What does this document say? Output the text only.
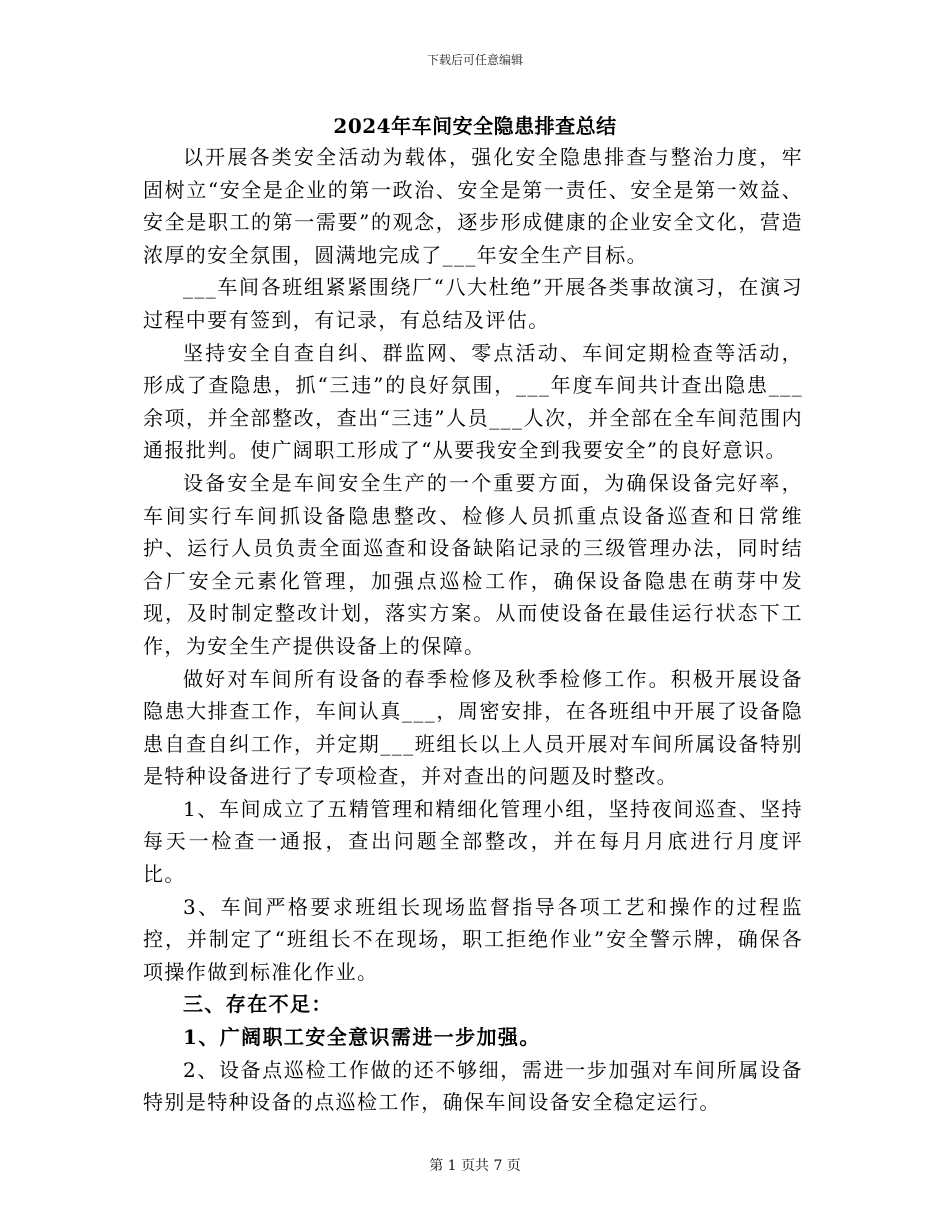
下载后可任意编辑
2024年车间安全隐患排查总结

以开展各类安全活动为载体，强化安全隐患排查与整治力度，牢固树立“安全是企业的第一政治、安全是第一责任、安全是第一效益、安全是职工的第一需要”的观念，逐步形成健康的企业安全文化，营造浓厚的安全氛围，圆满地完成了___年安全生产目标。

___车间各班组紧紧围绕厂“八大杜绝”开展各类事故演习，在演习过程中要有签到，有记录，有总结及评估。

坚持安全自查自纠、群监网、零点活动、车间定期检查等活动，形成了查隐患，抓“三违”的良好氛围，___年度车间共计查出隐患___余项，并全部整改，查出“三违”人员___人次，并全部在全车间范围内通报批判。使广阔职工形成了“从要我安全到我要安全”的良好意识。

设备安全是车间安全生产的一个重要方面，为确保设备完好率，车间实行车间抓设备隐患整改、检修人员抓重点设备巡查和日常维护、运行人员负责全面巡查和设备缺陷记录的三级管理办法，同时结合厂安全元素化管理，加强点巡检工作，确保设备隐患在萌芽中发现，及时制定整改计划，落实方案。从而使设备在最佳运行状态下工作，为安全生产提供设备上的保障。

做好对车间所有设备的春季检修及秋季检修工作。积极开展设备隐患大排查工作，车间认真___，周密安排，在各班组中开展了设备隐患自查自纠工作，并定期___班组长以上人员开展对车间所属设备特别是特种设备进行了专项检查，并对查出的问题及时整改。

1、车间成立了五精管理和精细化管理小组，坚持夜间巡查、坚持每天一检查一通报，查出问题全部整改，并在每月月底进行月度评比。

3、车间严格要求班组长现场监督指导各项工艺和操作的过程监控，并制定了“班组长不在现场，职工拒绝作业”安全警示牌，确保各项操作做到标准化作业。

三、存在不足：

1、广阔职工安全意识需进一步加强。

2、设备点巡检工作做的还不够细，需进一步加强对车间所属设备特别是特种设备的点巡检工作，确保车间设备安全稳定运行。

第 1 页共 7 页
